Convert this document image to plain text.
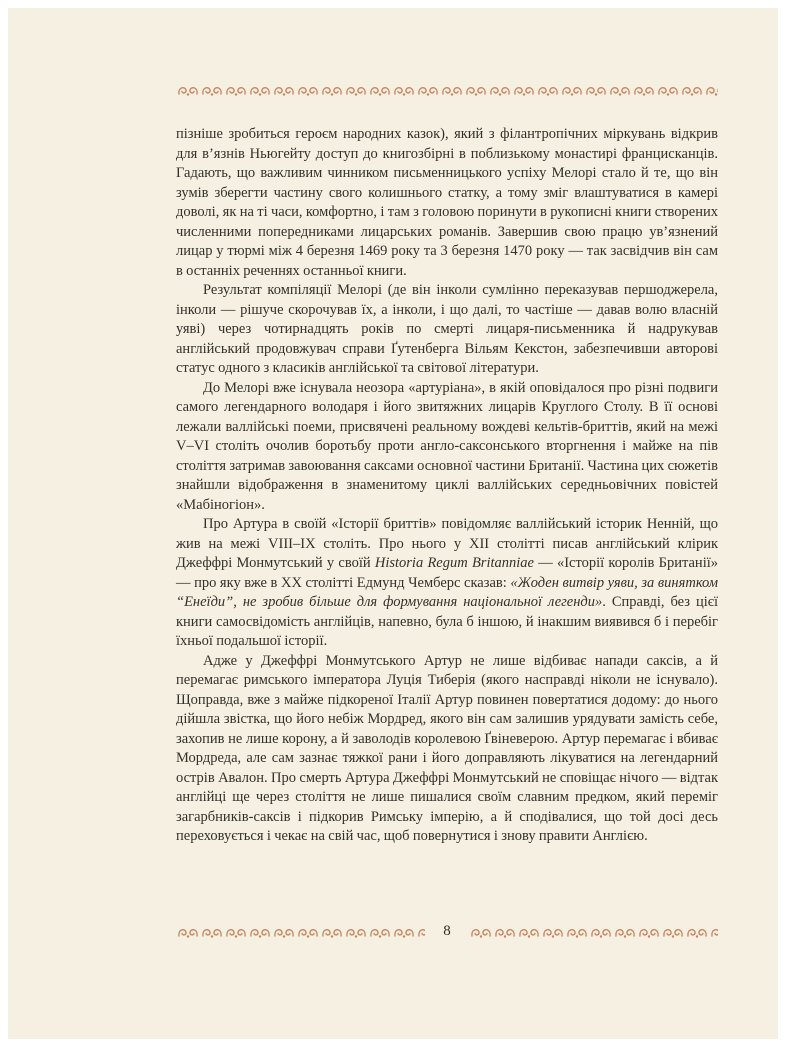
пізніше зробиться героєм народних казок), який з філантропічних міркувань відкрив для в’язнів Ньюгейту доступ до книгозбірні в поблизькому монастирі францисканців. Гадають, що важливим чинником письменницького успіху Мелорі стало й те, що він зумів зберегти частину свого колишнього статку, а тому зміг влаштуватися в камері доволі, як на ті часи, комфортно, і там з головою поринути в рукописні книги створених численними попередниками лицарських романів. Завершив свою працю ув’язнений лицар у тюрмі між 4 березня 1469 року та 3 березня 1470 року — так засвідчив він сам в останніх реченнях останньої книги.

Результат компіляції Мелорі (де він інколи сумлінно переказував першоджерела, інколи — рішуче скорочував їх, а інколи, і що далі, то частіше — давав волю власній уяві) через чотирнадцять років по смерті лицаря-письменника й надрукував англійський продовжувач справи Ґутенберга Вільям Кекстон, забезпечивши авторові статус одного з класиків англійської та світової літератури.

До Мелорі вже існувала неозора «артуріана», в якій оповідалося про різні подвиги самого легендарного володаря і його звитяжних лицарів Круглого Столу. В її основі лежали валлійські поеми, присвячені реальному вождеві кельтів-бриттів, який на межі V–VI століть очолив боротьбу проти англо-саксонського вторгнення і майже на пів століття затримав завоювання саксами основної частини Британії. Частина цих сюжетів знайшли відображення в знаменитому циклі валлійських середньовічних повістей «Мабіногіон».

Про Артура в своїй «Історії бриттів» повідомляє валлійський історик Ненній, що жив на межі VIII–IX століть. Про нього у XII столітті писав англійський клірик Джеффрі Монмутський у своїй Historia Regum Britanniae — «Історії королів Британії» — про яку вже в XX столітті Едмунд Чемберс сказав: «Жоден витвір уяви, за винятком “Енеїди”, не зробив більше для формування національної легенди». Справді, без цієї книги самосвідомість англійців, напевно, була б іншою, й інакшим виявився б і перебіг їхньої подальшої історії.

Адже у Джеффрі Монмутського Артур не лише відбиває напади саксів, а й перемагає римського імператора Луція Тиберія (якого насправді ніколи не існувало). Щоправда, вже з майже підкореної Італії Артур повинен повертатися додому: до нього дійшла звістка, що його небіж Мордред, якого він сам залишив урядувати замість себе, захопив не лише корону, а й заволодів королевою Ґвіневерою. Артур перемагає і вбиває Мордреда, але сам зазнає тяжкої рани і його доправляють лікуватися на легендарний острів Авалон. Про смерть Артура Джеффрі Монмутський не сповіщає нічого — відтак англійці ще через століття не лише пишалися своїм славним предком, який переміг загарбників-саксів і підкорив Римську імперію, а й сподівалися, що той досі десь переховується і чекає на свій час, щоб повернутися і знову правити Англією.

8
